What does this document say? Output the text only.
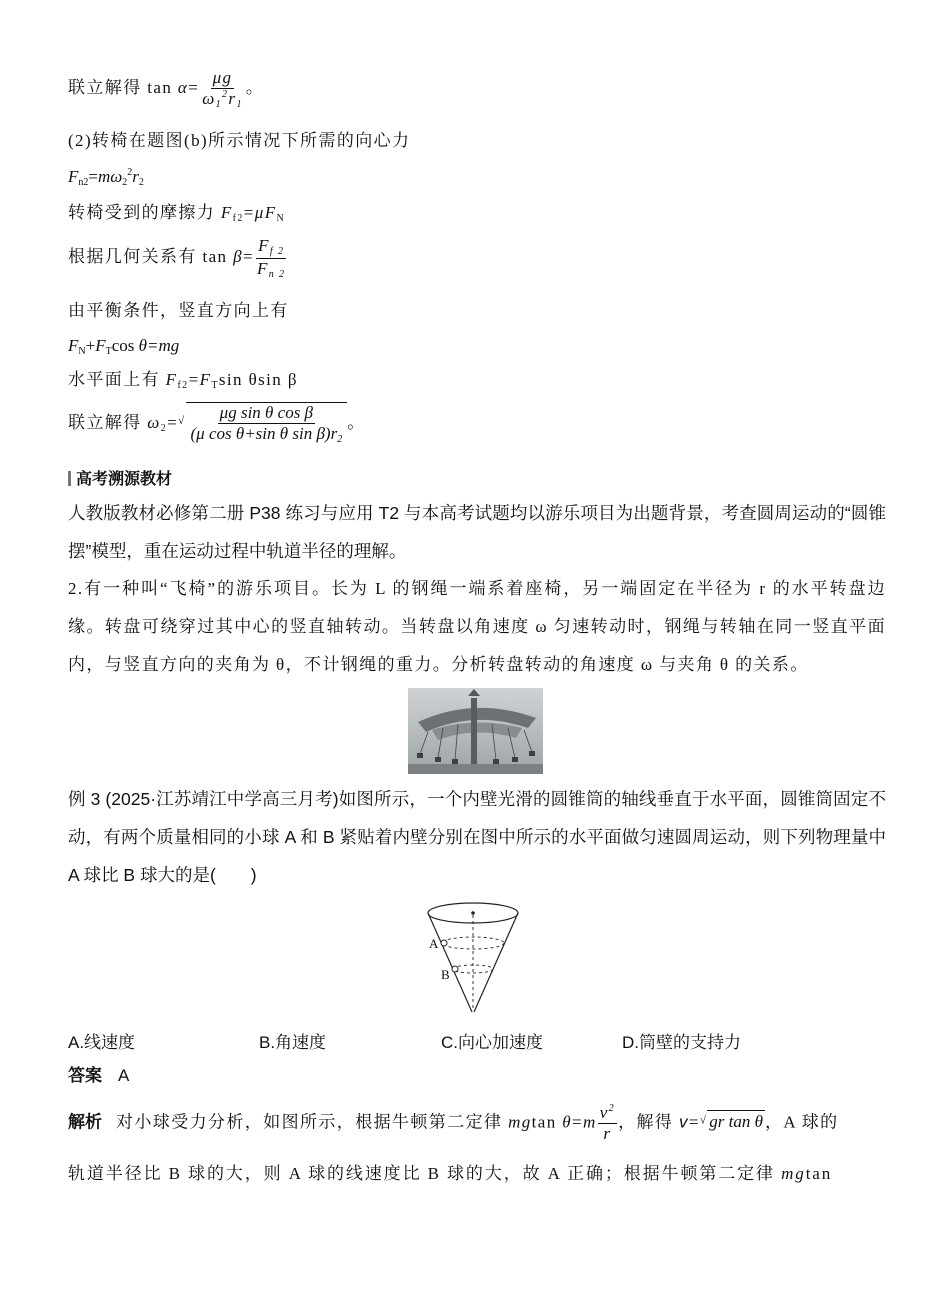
联立解得 $\tan \alpha= \frac{\mu g}{\omega_1^2r_1}$ 。
(2)转椅在题图(b)所示情况下所需的向心力
$F_{n2}=m\omega_2^2r_2$
转椅受到的摩擦力 $F_{f2}=\mu F_N$
根据几何关系有 $\tan \beta= \frac{F_{f 2}}{F_{n 2}}$
由平衡条件，竖直方向上有
$F_N+F_T\cos$ θ=mg
水平面上有 $F_{f2}=F_T\sin$ θsin β
联立解得 $\omega_2=^√ \frac{\text{μg sin θ cos β}}{(\mu \cos \theta+\sin \theta \sin \beta)r_2}$ 。
高考溯源教材
人教版教材必修第二册 P38 练习与应用 T2 与本高考试题均以游乐项目为出题背景，考查圆周运动的“圆锥摆”模型，重在运动过程中轨道半径的理解。
2.有一种叫“飞椅”的游乐项目。长为 L 的钢绳一端系着座椅，另一端固定在半径为 r 的水平转盘边缘。转盘可绕穿过其中心的竖直轴转动。当转盘以角速度 ω 匀速转动时，钢绳与转轴在同一竖直平面内，与竖直方向的夹角为 θ，不计钢绳的重力。分析转盘转动的角速度 ω 与夹角 θ 的关系。
例 3 (2025·江苏靖江中学高三月考)如图所示，一个内壁光滑的圆锥筒的轴线垂直于水平面，圆锥筒固定不动，有两个质量相同的小球 A 和 B 紧贴着内壁分别在图中所示的水平面做匀速圆周运动，则下列物理量中 A 球比 B 球大的是(　　)
A
B
A.线速度	B.角速度	C.向心加速度	D.筒壁的支持力
答案 A
解析 对小球受力分析，如图所示，根据牛顿第二定律 mgtan $\theta=m \frac{v^2}{r}$ ，解得 v=√ gr tan θ ，A 球的
轨道半径比 B 球的大，则 A 球的线速度比 B 球的大，故 A 正确；根据牛顿第二定律 mgtan
